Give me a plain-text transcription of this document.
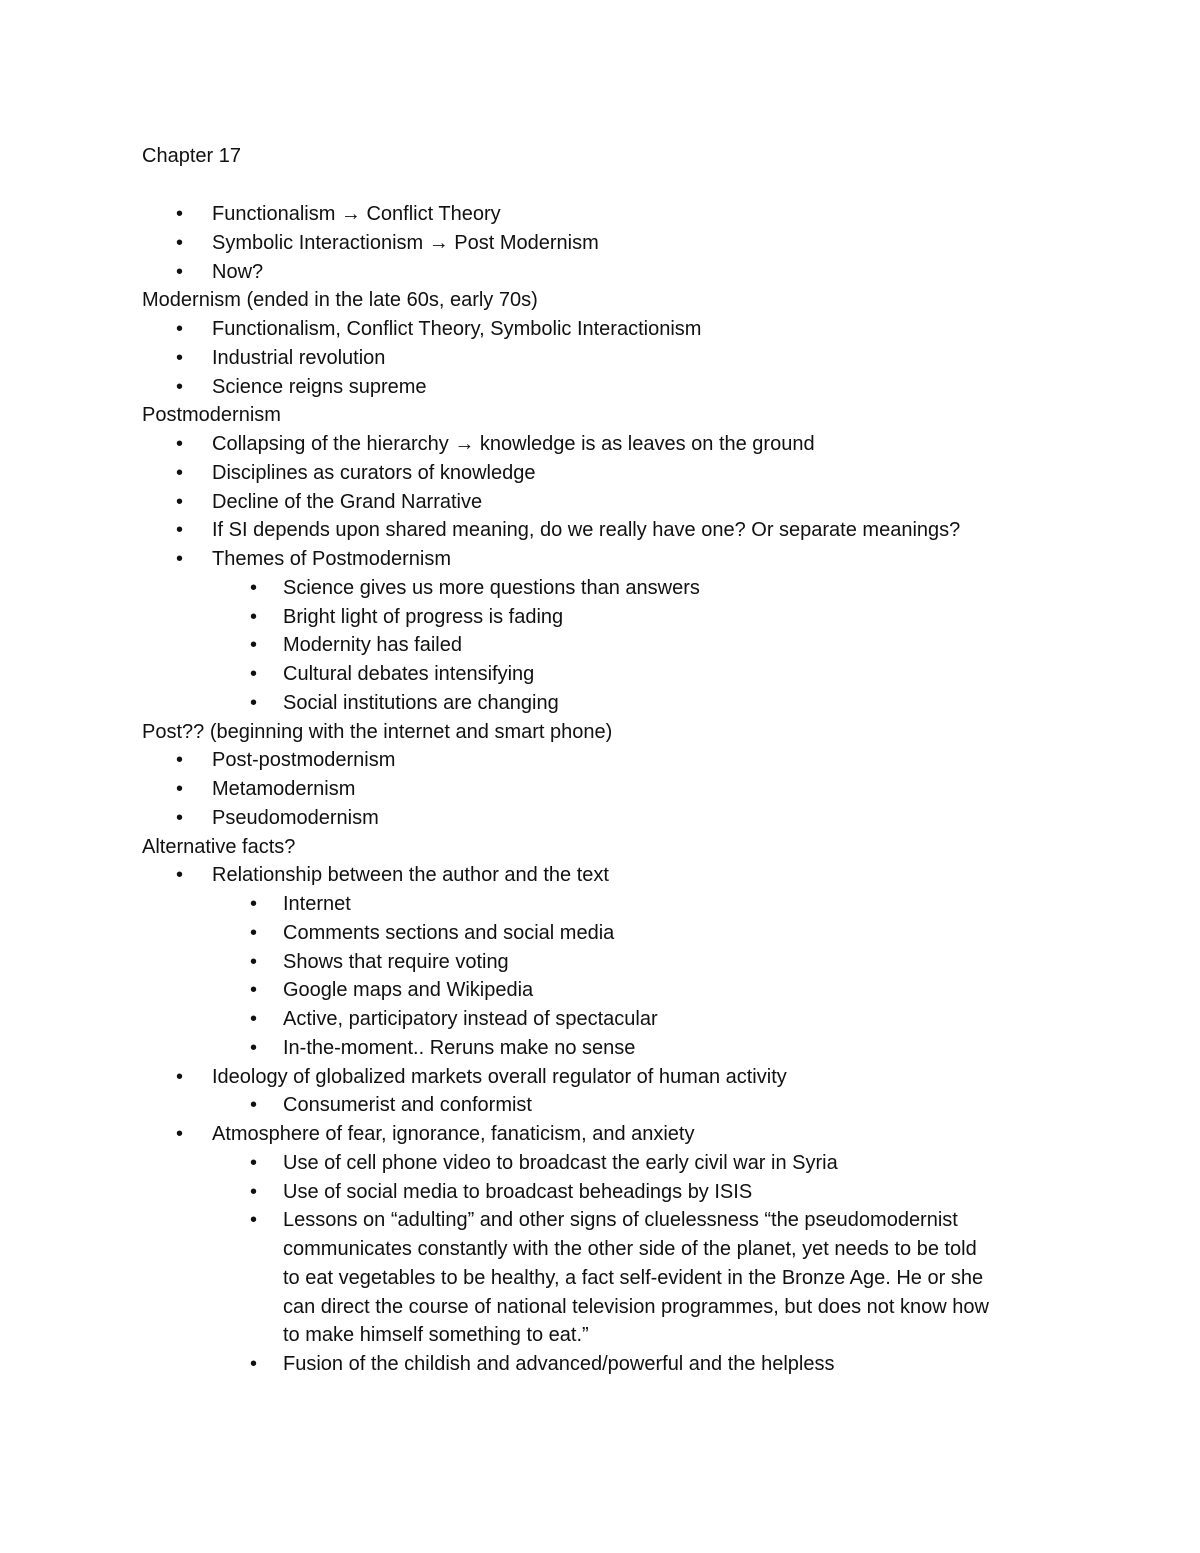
Chapter 17
• Functionalism → Conflict Theory
• Symbolic Interactionism → Post Modernism
• Now?
Modernism (ended in the late 60s, early 70s)
• Functionalism, Conflict Theory, Symbolic Interactionism
• Industrial revolution
• Science reigns supreme
Postmodernism
• Collapsing of the hierarchy → knowledge is as leaves on the ground
• Disciplines as curators of knowledge
• Decline of the Grand Narrative
• If SI depends upon shared meaning, do we really have one? Or separate meanings?
• Themes of Postmodernism
• Science gives us more questions than answers
• Bright light of progress is fading
• Modernity has failed
• Cultural debates intensifying
• Social institutions are changing
Post?? (beginning with the internet and smart phone)
• Post-postmodernism
• Metamodernism
• Pseudomodernism
Alternative facts?
• Relationship between the author and the text
• Internet
• Comments sections and social media
• Shows that require voting
• Google maps and Wikipedia
• Active, participatory instead of spectacular
• In-the-moment.. Reruns make no sense
• Ideology of globalized markets overall regulator of human activity
• Consumerist and conformist
• Atmosphere of fear, ignorance, fanaticism, and anxiety
• Use of cell phone video to broadcast the early civil war in Syria
• Use of social media to broadcast beheadings by ISIS
• Lessons on “adulting” and other signs of cluelessness “the pseudomodernist
communicates constantly with the other side of the planet, yet needs to be told
to eat vegetables to be healthy, a fact self-evident in the Bronze Age. He or she
can direct the course of national television programmes, but does not know how
to make himself something to eat.”
• Fusion of the childish and advanced/powerful and the helpless
